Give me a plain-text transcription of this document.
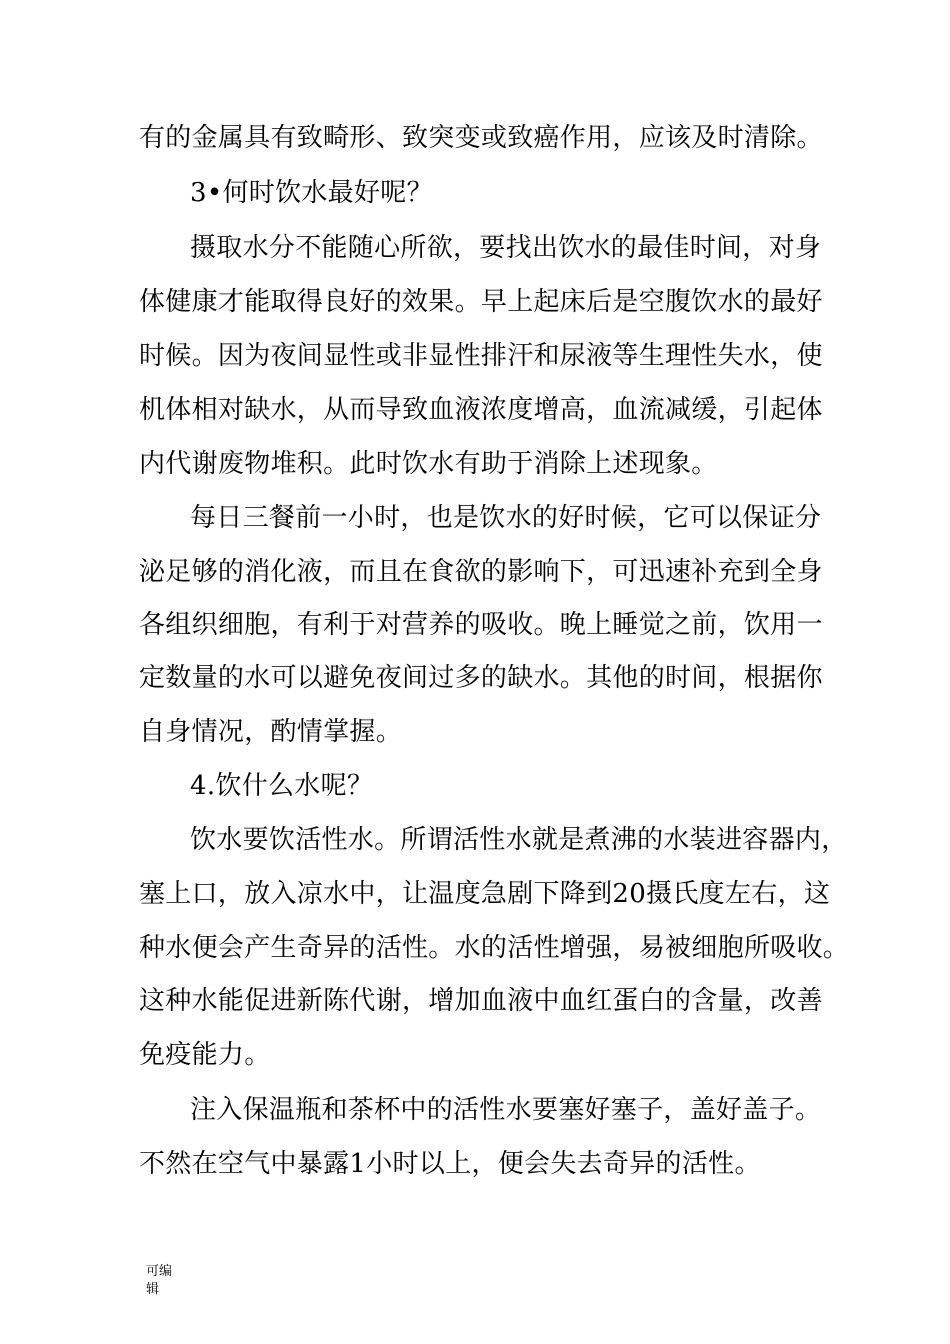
有的金属具有致畸形、致突变或致癌作用，应该及时清除。
3•何时饮水最好呢？
摄取水分不能随心所欲，要找出饮水的最佳时间，对身
体健康才能取得良好的效果。早上起床后是空腹饮水的最好
时候。因为夜间显性或非显性排汗和尿液等生理性失水，使
机体相对缺水，从而导致血液浓度增高，血流减缓，引起体
内代谢废物堆积。此时饮水有助于消除上述现象。
每日三餐前一小时，也是饮水的好时候，它可以保证分
泌足够的消化液，而且在食欲的影响下，可迅速补充到全身
各组织细胞，有利于对营养的吸收。晚上睡觉之前，饮用一
定数量的水可以避免夜间过多的缺水。其他的时间，根据你
自身情况，酌情掌握。
4.饮什么水呢？
饮水要饮活性水。所谓活性水就是煮沸的水装进容器内，
塞上口，放入凉水中，让温度急剧下降到20摄氏度左右，这
种水便会产生奇异的活性。水的活性增强，易被细胞所吸收。
这种水能促进新陈代谢，增加血液中血红蛋白的含量，改善
免疫能力。
注入保温瓶和茶杯中的活性水要塞好塞子，盖好盖子。
不然在空气中暴露1小时以上，便会失去奇异的活性。
可编
辑
